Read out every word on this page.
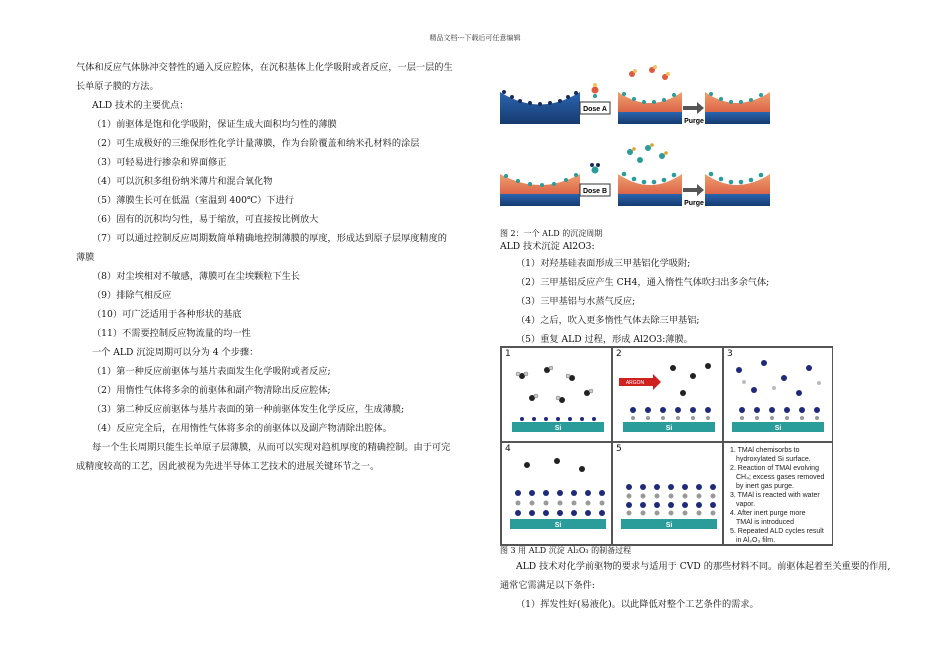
精品文档---下载后可任意编辑

气体和反应气体脉冲交替性的通入反应腔体，在沉积基体上化学吸附或者反应，一层一层的生

长单原子膜的方法。

ALD 技术的主要优点：

（1）前驱体是饱和化学吸附，保证生成大面积均匀性的薄膜

（2）可生成极好的三维保形性化学计量薄膜，作为台阶覆盖和纳米孔材料的涂层

（3）可轻易进行掺杂和界面修正

（4）可以沉积多组份纳米薄片和混合氧化物

（5）薄膜生长可在低温（室温到 400℃）下进行

（6）固有的沉积均匀性，易于缩放，可直接按比例放大

（7）可以通过控制反应周期数简单精确地控制薄膜的厚度，形成达到原子层厚度精度的

薄膜

（8）对尘埃相对不敏感，薄膜可在尘埃颗粒下生长

（9）排除气相反应

（10）可广泛适用于各种形状的基底

（11）不需要控制反应物流量的均一性

一个 ALD 沉淀周期可以分为 4 个步骤：

（1）第一种反应前驱体与基片表面发生化学吸附或者反应;

（2）用惰性气体将多余的前驱体和副产物清除出反应腔体;

（3）第二种反应前驱体与基片表面的第一种前驱体发生化学反应，生成薄膜;

（4）反应完全后，在用惰性气体将多余的前驱体以及副产物清除出腔体。

每一个生长周期只能生长单原子层薄膜，从而可以实现对趋机厚度的精确控制。由于可完

成精度较高的工艺，因此被视为先进半导体工艺技术的进展关键环节之一。

Dose A
Purge
Dose B
Purge

图 2：一个 ALD 的沉淀周期

ALD 技术沉淀 Al2O3:

（1）对羟基硅表面形成三甲基铝化学吸附;

（2）三甲基铝反应产生 CH4，通入惰性气体吹扫出多余气体;

（3）三甲基铝与水蒸气反应;

（4）之后，吹入更多惰性气体去除三甲基铝;

（5）重复 ALD 过程，形成 Al2O3:薄膜。

1
Si
2
ARGON
Si
3
Si
4
Si
5
Si
1. TMAl chemisorbs to
hydroxylated Si surface.
2. Reaction of TMAl evolving
CH₄; excess gases removed
by inert gas purge.
3. TMAl is reacted with water
vapor.
4. After inert purge more
TMAl is introduced
5. Repeated ALD cycles result
in Al₂O₃ film.

图 3 用 ALD 沉淀 Al₂O₃ 的制备过程

ALD 技术对化学前驱物的要求与适用于 CVD 的那些材料不同。前驱体起着至关重要的作用,

通常它需满足以下条件:

（1）挥发性好(易液化)。以此降低对整个工艺条件的需求。
